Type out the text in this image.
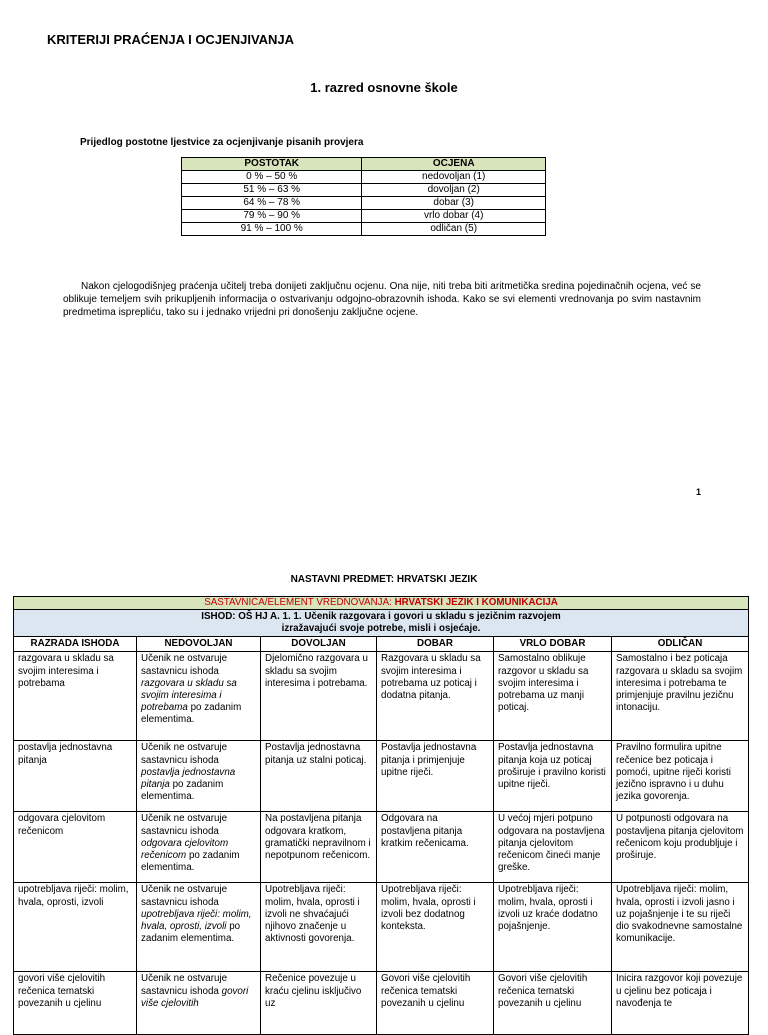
KRITERIJI PRAĆENJA I OCJENJIVANJA
1. razred osnovne škole
Prijedlog postotne ljestvice za ocjenjivanje pisanih provjera
POSTOTAK	OCJENA
0 % – 50 %	nedovoljan (1)
51 % – 63 %	dovoljan (2)
64 % – 78 %	dobar (3)
79 % – 90 %	vrlo dobar (4)
91 % – 100 %	odličan (5)
Nakon cjelogodišnjeg praćenja učitelj treba donijeti zaključnu ocjenu. Ona nije, niti treba biti aritmetička sredina pojedinačnih ocjena, već se oblikuje temeljem svih prikupljenih informacija o ostvarivanju odgojno-obrazovnih ishoda. Kako se svi elementi vrednovanja po svim nastavnim predmetima isprepliću, tako su i jednako vrijedni pri donošenju zaključne ocjene.
1
NASTAVNI PREDMET: HRVATSKI JEZIK
SASTAVNICA/ELEMENT VREDNOVANJA: HRVATSKI JEZIK I KOMUNIKACIJA					

ISHOD: OŠ HJ A. 1. 1. Učenik razgovara i govori u skladu s jezičnim razvojem
izražavajući svoje potrebe, misli i osjećaje.					

RAZRADA ISHODA	NEDOVOLJAN	DOVOLJAN	DOBAR	VRLO DOBAR	ODLIČAN
razgovara u skladu sa svojim interesima i potrebama	Učenik ne ostvaruje sastavnicu ishoda razgovara u skladu sa svojim interesima i potrebama po zadanim elementima.	Djelomično razgovara u skladu sa svojim interesima i potrebama.	Razgovara u skladu sa svojim interesima i potrebama uz poticaj i dodatna pitanja.	Samostalno oblikuje razgovor u skladu sa svojim interesima i potrebama uz manji poticaj.	Samostalno i bez poticaja razgovara u skladu sa svojim interesima i potrebama te primjenjuje pravilnu jezičnu intonaciju.
postavlja jednostavna pitanja	Učenik ne ostvaruje sastavnicu ishoda postavlja jednostavna pitanja po zadanim elementima.	Postavlja jednostavna pitanja uz stalni poticaj.	Postavlja jednostavna pitanja i primjenjuje upitne riječi.	Postavlja jednostavna pitanja koja uz poticaj proširuje i pravilno koristi upitne riječi.	Pravilno formulira upitne rečenice bez poticaja i pomoći, upitne riječi koristi jezično ispravno i u duhu jezika govorenja.
odgovara cjelovitom rečenicom	Učenik ne ostvaruje sastavnicu ishoda odgovara cjelovitom rečenicom po zadanim elementima.	Na postavljena pitanja odgovara kratkom, gramatički nepravilnom i nepotpunom rečenicom.	Odgovara na postavljena pitanja kratkim rečenicama.	U većoj mjeri potpuno odgovara na postavljena pitanja cjelovitom rečenicom čineći manje greške.	U potpunosti odgovara na postavljena pitanja cjelovitom rečenicom koju produbljuje i proširuje.
upotrebljava riječi: molim, hvala, oprosti, izvoli	Učenik ne ostvaruje sastavnicu ishoda upotrebljava riječi: molim, hvala, oprosti, izvoli po zadanim elementima.	Upotrebljava riječi: molim, hvala, oprosti i izvoli ne shvaćajući njihovo značenje u aktivnosti govorenja.	Upotrebljava riječi: molim, hvala, oprosti i izvoli bez dodatnog konteksta.	Upotrebljava riječi: molim, hvala, oprosti i izvoli uz kraće dodatno pojašnjenje.	Upotrebljava riječi: molim, hvala, oprosti i izvoli jasno i uz pojašnjenje i te su riječi dio svakodnevne samostalne komunikacije.
govori više cjelovitih rečenica tematski povezanih u cjelinu	Učenik ne ostvaruje sastavnicu ishoda govori više cjelovitih	Rečenice povezuje u kraću cjelinu isključivo uz	Govori više cjelovitih rečenica tematski povezanih u cjelinu	Govori više cjelovitih rečenica tematski povezanih u cjelinu	Inicira razgovor koji povezuje u cjelinu bez poticaja i navođenja te
